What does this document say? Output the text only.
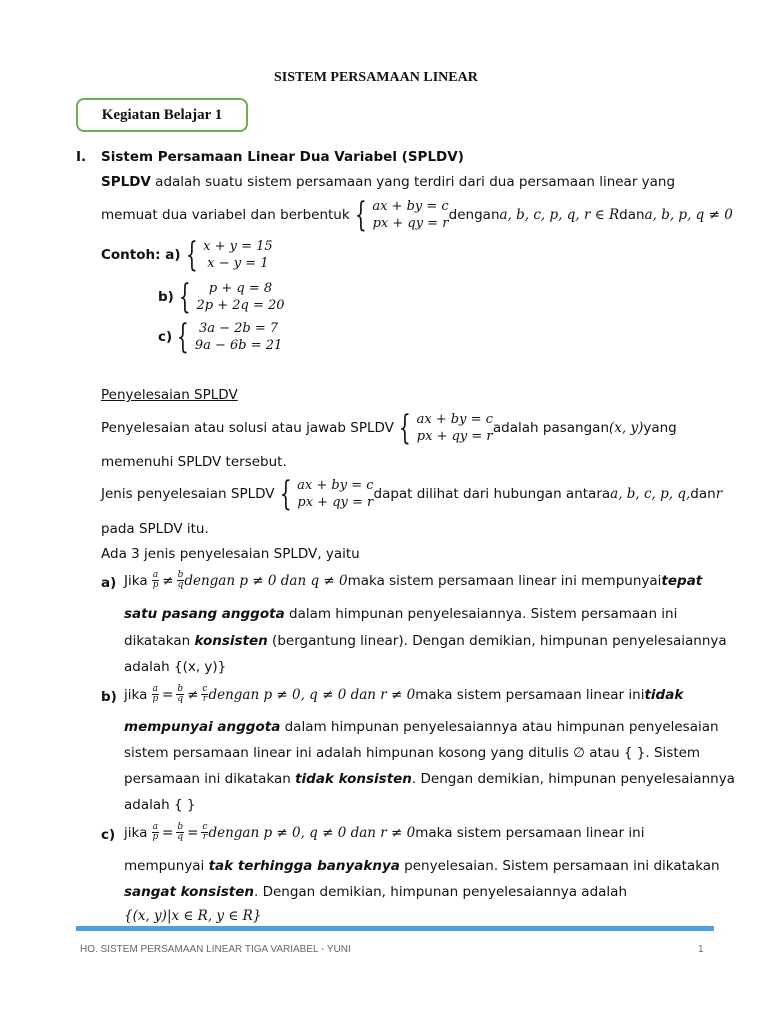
SISTEM PERSAMAAN LINEAR
Kegiatan Belajar 1
I. Sistem Persamaan Linear Dua Variabel (SPLDV)
SPLDV adalah suatu sistem persamaan yang terdiri dari dua persamaan linear yang
memuat dua variabel dan berbentuk { ax + by = c
px + qy = r
dengan a, b, c, p, q, r ∈ R dan a, b, p, q ≠ 0
Contoh: a) { x + y = 15
x − y = 1
b) {	p + q = 8
2p + 2q = 20
c) { 3a − 2b = 7
9a − 6b = 21
Penyelesaian SPLDV
Penyelesaian atau solusi atau jawab SPLDV { ax + by = c
px + qy = r
adalah pasangan (x, y) yang
memenuhi SPLDV tersebut.
Jenis penyelesaian SPLDV { ax + by = c
px + qy = r
dapat dilihat dari hubungan antara a, b, c, p, q, dan r
pada SPLDV itu.
Ada 3 jenis penyelesaian SPLDV, yaitu
a) Jika
$\frac{a}{p} \ne \frac{b}{q}$ dengan p ≠ 0 dan q ≠ 0 maka sistem persamaan linear ini mempunyai tepat
satu pasang anggota dalam himpunan penyelesaiannya. Sistem persamaan ini
dikatakan konsisten (bergantung linear). Dengan demikian, himpunan penyelesaiannya
adalah {(x, y)}
b) jika
$\frac{a}{p} = \frac{b}{q} \ne \frac{c}{r}$ dengan p ≠ 0, q ≠ 0 dan r ≠ 0 maka sistem persamaan linear ini tidak
mempunyai anggota dalam himpunan penyelesaiannya atau himpunan penyelesaian
sistem persamaan linear ini adalah himpunan kosong yang ditulis ∅ atau { }. Sistem
persamaan ini dikatakan tidak konsisten. Dengan demikian, himpunan penyelesaiannya
adalah { }
c) jika
$\frac{a}{p} = \frac{b}{q} = \frac{c}{r}$ dengan p ≠ 0, q ≠ 0 dan r ≠ 0 maka sistem persamaan linear ini
mempunyai tak terhingga banyaknya penyelesaian. Sistem persamaan ini dikatakan
sangat konsisten. Dengan demikian, himpunan penyelesaiannya adalah
{(x, y)|x ∈ R, y ∈ R}
HO. SISTEM PERSAMAAN LINEAR TIGA VARIABEL - YUNI	1
